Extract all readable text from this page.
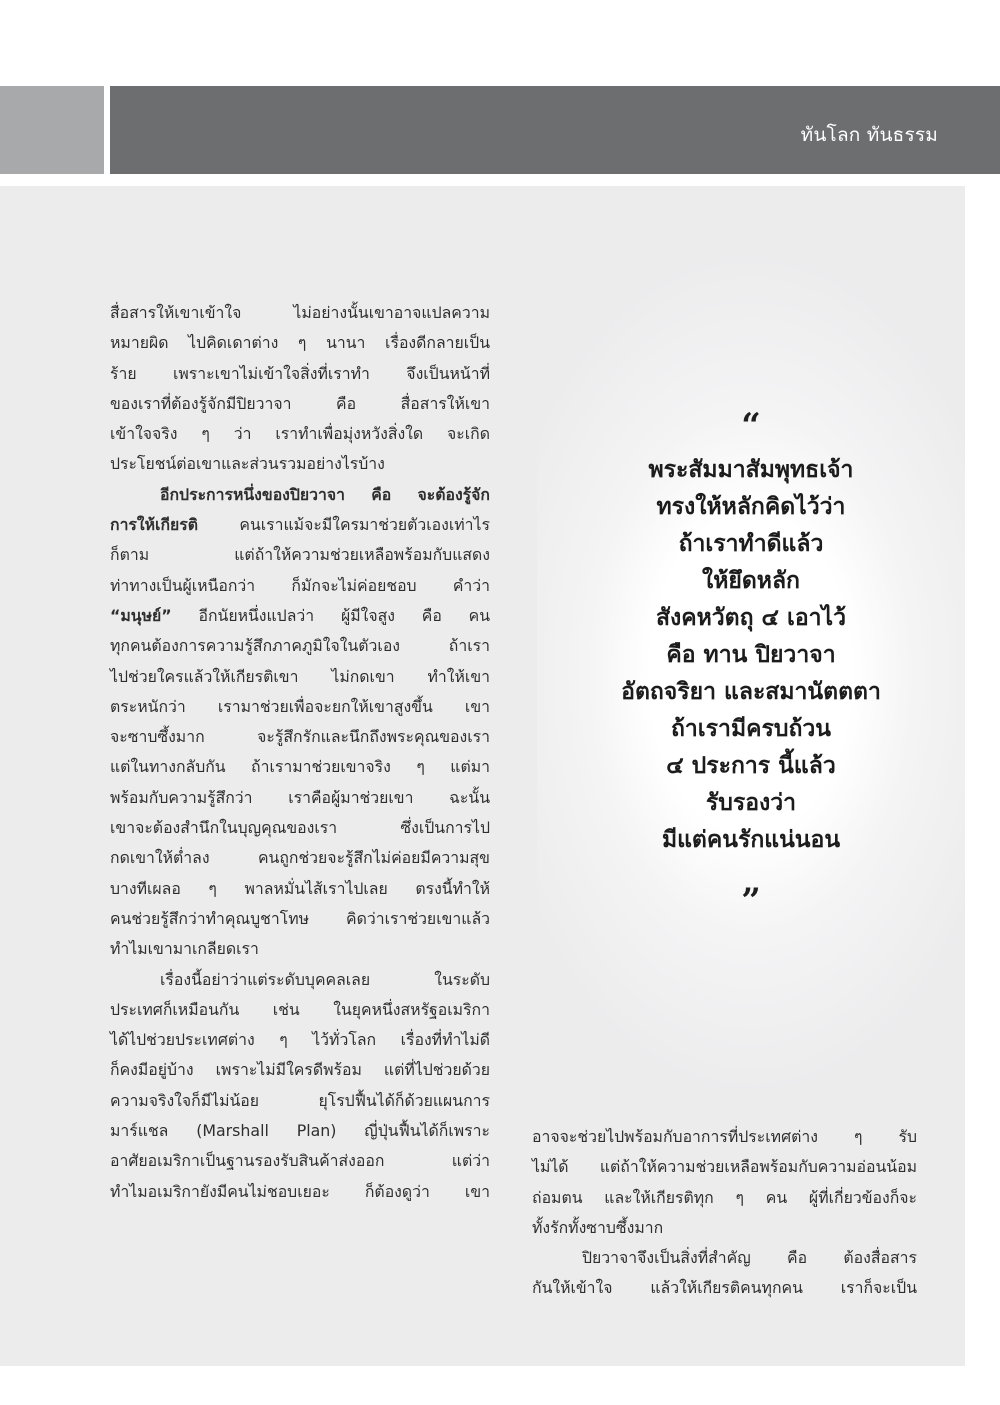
ทันโลก ทันธรรม
“
พระสัมมาสัมพุทธเจ้า
ทรงให้หลักคิดไว้ว่า
ถ้าเราทำดีแล้ว
ให้ยึดหลัก
สังคหวัตถุ ๔ เอาไว้
คือ ทาน ปิยวาจา
อัตถจริยา และสมานัตตตา
ถ้าเรามีครบถ้วน
๔ ประการ นี้แล้ว
รับรองว่า
มีแต่คนรักแน่นอน
”
สื่อสารให้เขาเข้าใจ ไม่อย่างนั้นเขาอาจแปลความ
หมายผิด ไปคิดเดาต่าง ๆ นานา เรื่องดีกลายเป็น
ร้าย เพราะเขาไม่เข้าใจสิ่งที่เราทำ จึงเป็นหน้าที่
ของเราที่ต้องรู้จักมีปิยวาจา คือ สื่อสารให้เขา
เข้าใจจริง ๆ ว่า เราทำเพื่อมุ่งหวังสิ่งใด จะเกิด
ประโยชน์ต่อเขาและส่วนรวมอย่างไรบ้าง
อีกประการหนึ่งของปิยวาจา คือ จะต้องรู้จัก
การให้เกียรติ คนเราแม้จะมีใครมาช่วยตัวเองเท่าไร
ก็ตาม แต่ถ้าให้ความช่วยเหลือพร้อมกับแสดง
ท่าทางเป็นผู้เหนือกว่า ก็มักจะไม่ค่อยชอบ คำว่า
“มนุษย์” อีกนัยหนึ่งแปลว่า ผู้มีใจสูง คือ คน
ทุกคนต้องการความรู้สึกภาคภูมิใจในตัวเอง ถ้าเรา
ไปช่วยใครแล้วให้เกียรติเขา ไม่กดเขา ทำให้เขา
ตระหนักว่า เรามาช่วยเพื่อจะยกให้เขาสูงขึ้น เขา
จะซาบซึ้งมาก จะรู้สึกรักและนึกถึงพระคุณของเรา
แต่ในทางกลับกัน ถ้าเรามาช่วยเขาจริง ๆ แต่มา
พร้อมกับความรู้สึกว่า เราคือผู้มาช่วยเขา ฉะนั้น
เขาจะต้องสำนึกในบุญคุณของเรา ซึ่งเป็นการไป
กดเขาให้ต่ำลง คนถูกช่วยจะรู้สึกไม่ค่อยมีความสุข
บางทีเผลอ ๆ พาลหมั่นไส้เราไปเลย ตรงนี้ทำให้
คนช่วยรู้สึกว่าทำคุณบูชาโทษ คิดว่าเราช่วยเขาแล้ว
ทำไมเขามาเกลียดเรา
เรื่องนี้อย่าว่าแต่ระดับบุคคลเลย ในระดับ
ประเทศก็เหมือนกัน เช่น ในยุคหนึ่งสหรัฐอเมริกา
ได้ไปช่วยประเทศต่าง ๆ ไว้ทั่วโลก เรื่องที่ทำไม่ดี
ก็คงมีอยู่บ้าง เพราะไม่มีใครดีพร้อม แต่ที่ไปช่วยด้วย
ความจริงใจก็มีไม่น้อย ยุโรปฟื้นได้ก็ด้วยแผนการ
มาร์แชล (Marshall Plan) ญี่ปุ่นฟื้นได้ก็เพราะ
อาศัยอเมริกาเป็นฐานรองรับสินค้าส่งออก แต่ว่า
ทำไมอเมริกายังมีคนไม่ชอบเยอะ ก็ต้องดูว่า เขา
อาจจะช่วยไปพร้อมกับอาการที่ประเทศต่าง ๆ รับ
ไม่ได้ แต่ถ้าให้ความช่วยเหลือพร้อมกับความอ่อนน้อม
ถ่อมตน และให้เกียรติทุก ๆ คน ผู้ที่เกี่ยวข้องก็จะ
ทั้งรักทั้งซาบซึ้งมาก
ปิยวาจาจึงเป็นสิ่งที่สำคัญ คือ ต้องสื่อสาร
กันให้เข้าใจ แล้วให้เกียรติคนทุกคน เราก็จะเป็น
